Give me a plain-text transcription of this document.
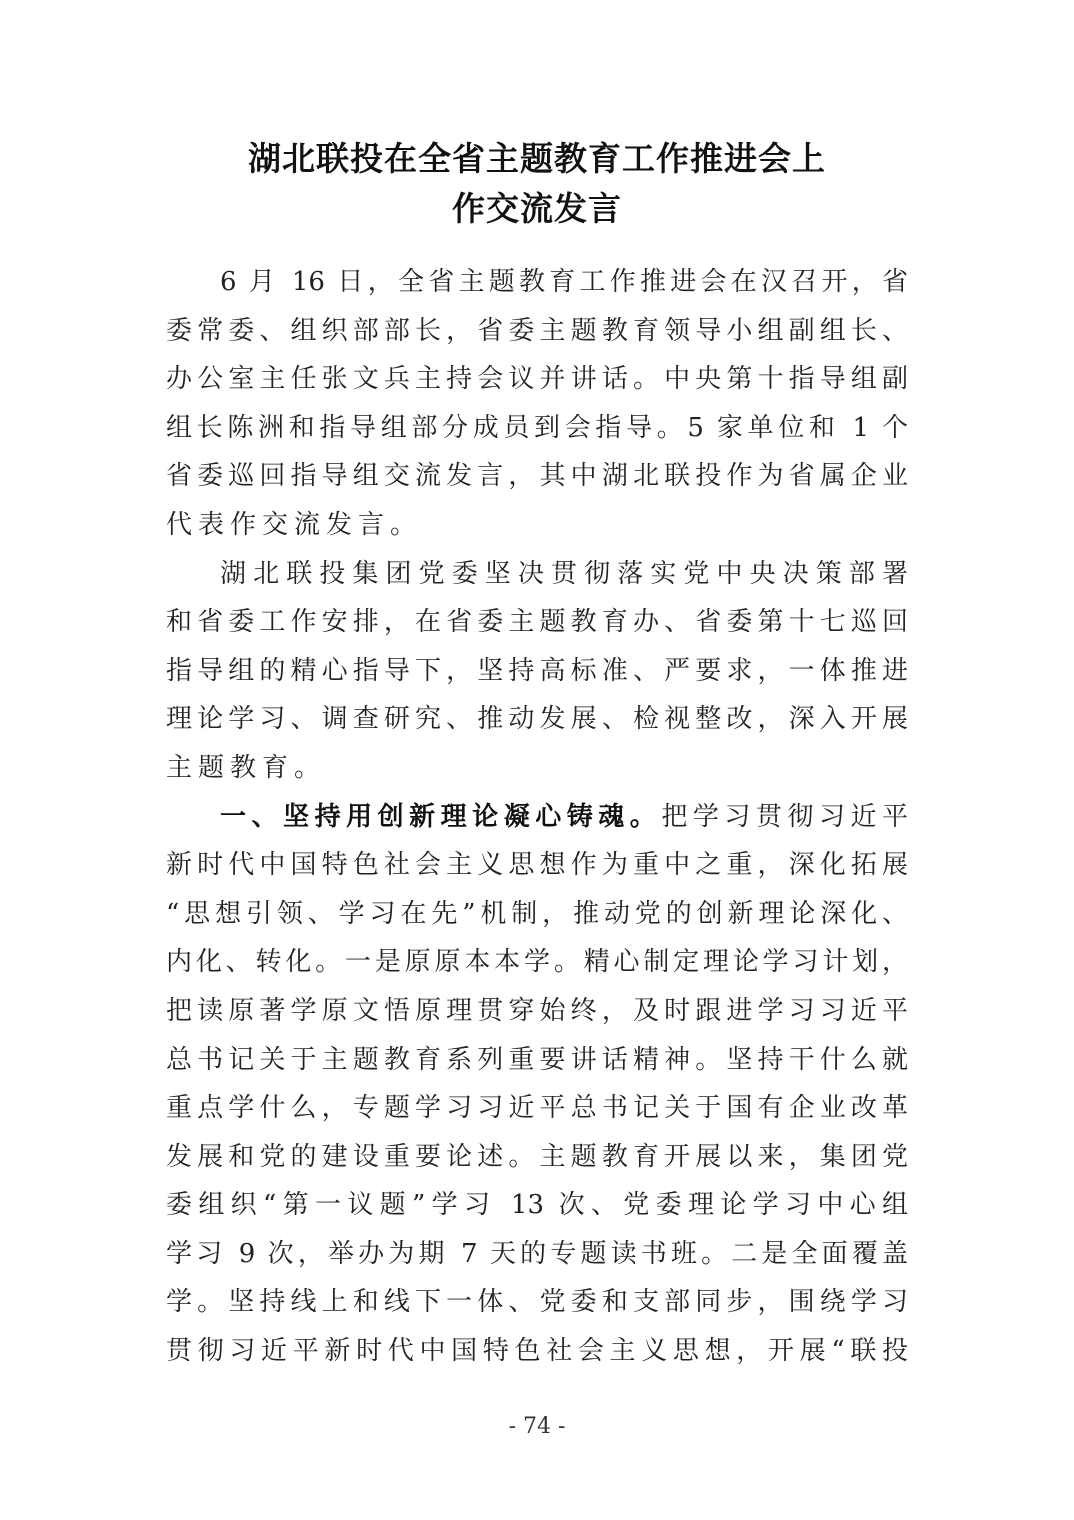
湖北联投在全省主题教育工作推进会上
作交流发言

6 月 16 日，全省主题教育工作推进会在汉召开，省
委常委、组织部部长，省委主题教育领导小组副组长、
办公室主任张文兵主持会议并讲话。中央第十指导组副
组长陈洲和指导组部分成员到会指导。5 家单位和 1 个
省委巡回指导组交流发言，其中湖北联投作为省属企业
代表作交流发言。

湖北联投集团党委坚决贯彻落实党中央决策部署
和省委工作安排，在省委主题教育办、省委第十七巡回
指导组的精心指导下，坚持高标准、严要求，一体推进
理论学习、调查研究、推动发展、检视整改，深入开展
主题教育。

一、坚持用创新理论凝心铸魂。把学习贯彻习近平
新时代中国特色社会主义思想作为重中之重，深化拓展
“思想引领、学习在先”机制，推动党的创新理论深化、
内化、转化。一是原原本本学。精心制定理论学习计划，
把读原著学原文悟原理贯穿始终，及时跟进学习习近平
总书记关于主题教育系列重要讲话精神。坚持干什么就
重点学什么，专题学习习近平总书记关于国有企业改革
发展和党的建设重要论述。主题教育开展以来，集团党
委组织“第一议题”学习 13 次、党委理论学习中心组
学习 9 次，举办为期 7 天的专题读书班。二是全面覆盖
学。坚持线上和线下一体、党委和支部同步，围绕学习
贯彻习近平新时代中国特色社会主义思想，开展“联投

- 74 -
